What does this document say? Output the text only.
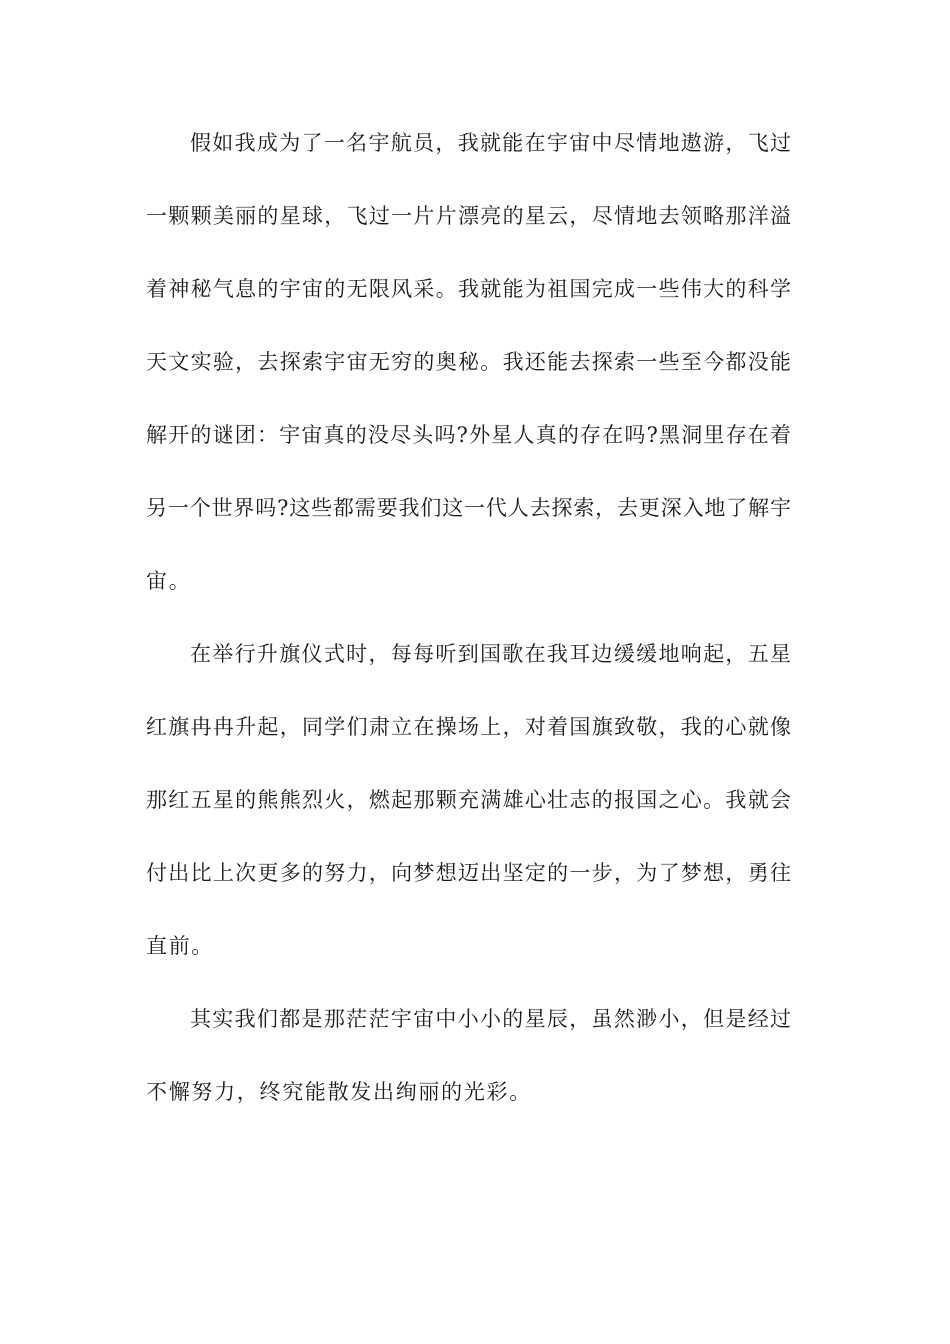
假如我成为了一名宇航员，我就能在宇宙中尽情地遨游，飞过
一颗颗美丽的星球，飞过一片片漂亮的星云，尽情地去领略那洋溢
着神秘气息的宇宙的无限风采。我就能为祖国完成一些伟大的科学
天文实验，去探索宇宙无穷的奥秘。我还能去探索一些至今都没能
解开的谜团：宇宙真的没尽头吗?外星人真的存在吗?黑洞里存在着
另一个世界吗?这些都需要我们这一代人去探索，去更深入地了解宇
宙。
在举行升旗仪式时，每每听到国歌在我耳边缓缓地响起，五星
红旗冉冉升起，同学们肃立在操场上，对着国旗致敬，我的心就像
那红五星的熊熊烈火，燃起那颗充满雄心壮志的报国之心。我就会
付出比上次更多的努力，向梦想迈出坚定的一步，为了梦想，勇往
直前。
其实我们都是那茫茫宇宙中小小的星辰，虽然渺小，但是经过
不懈努力，终究能散发出绚丽的光彩。
